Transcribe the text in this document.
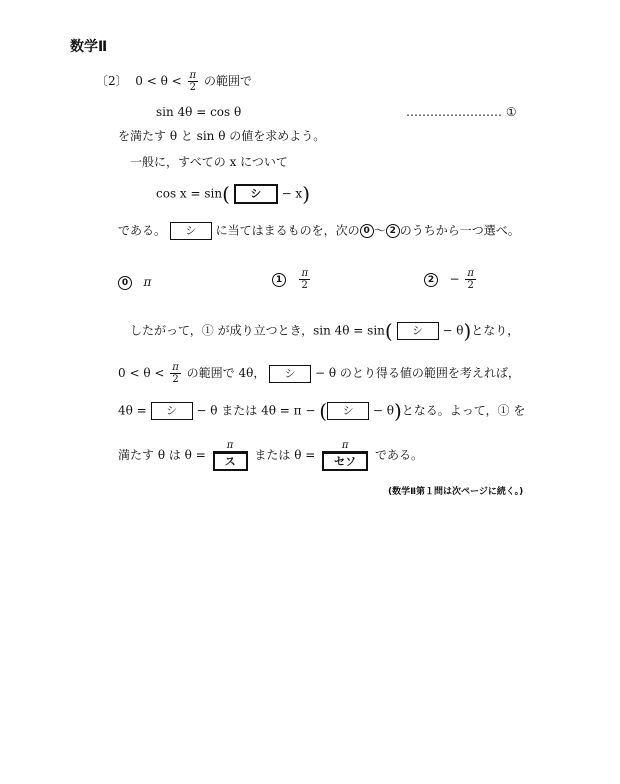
数学Ⅱ
〔2〕 $0 < \theta < \frac{\pi}{2}$ の範囲で
sin 4θ = cos θ	…………………… ①
を満たす θ と sin θ の値を求めよう。
一般に，すべての x について
cos x = sin( シ − x)
である。 シ に当てはまるものを，次の 0 ～ 2 のうちから一つ選べ。
0 π	$1 \frac{\pi}{2}$	$2 - \frac{\pi}{2}$
したがって，① が成り立つとき，sin 4θ = sin( シ − θ)となり，
$0 < \theta < \frac{\pi}{2}$ の範囲で 4θ， シ − θ のとり得る値の範囲を考えれば，
4θ = シ − θ または 4θ = π − ( シ − θ)となる。よって，① を
満たす θ は θ =
π
ス	または θ =
π
セソ	である。
(数学Ⅱ第１問は次ページに続く。)
